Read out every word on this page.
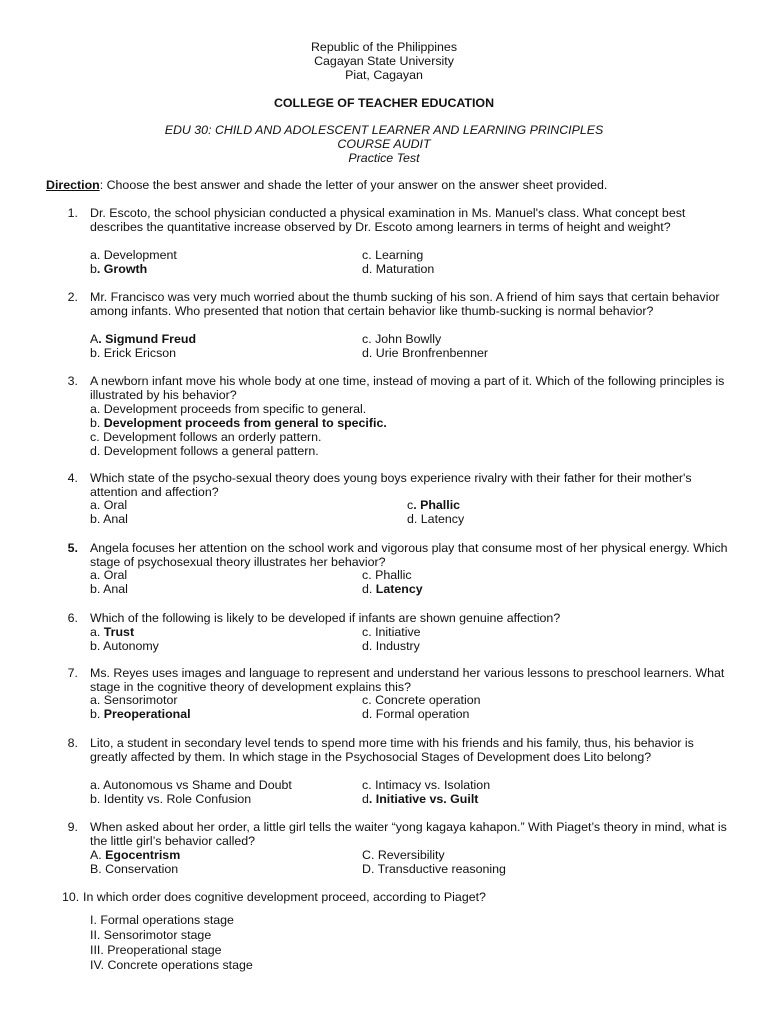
Republic of the Philippines
Cagayan State University
Piat, Cagayan
COLLEGE OF TEACHER EDUCATION
EDU 30: CHILD AND ADOLESCENT LEARNER AND LEARNING PRINCIPLES
COURSE AUDIT
Practice Test
Direction: Choose the best answer and shade the letter of your answer on the answer sheet provided.
1. Dr. Escoto, the school physician conducted a physical examination in Ms. Manuel's class. What concept best describes the quantitative increase observed by Dr. Escoto among learners in terms of height and weight?
a. Development
b. Growth
c. Learning
d. Maturation
2. Mr. Francisco was very much worried about the thumb sucking of his son. A friend of him says that certain behavior among infants. Who presented that notion that certain behavior like thumb-sucking is normal behavior?
A. Sigmund Freud
b. Erick Ericson
c. John Bowlly
d. Urie Bronfrenbenner
3. A newborn infant move his whole body at one time, instead of moving a part of it. Which of the following principles is illustrated by his behavior?
a. Development proceeds from specific to general.
b. Development proceeds from general to specific.
c. Development follows an orderly pattern.
d. Development follows a general pattern.
4. Which state of the psycho-sexual theory does young boys experience rivalry with their father for their mother's attention and affection?
a. Oral
b. Anal
c. Phallic
d. Latency
5. Angela focuses her attention on the school work and vigorous play that consume most of her physical energy. Which stage of psychosexual theory illustrates her behavior?
a. Oral
b. Anal
c. Phallic
d. Latency
6. Which of the following is likely to be developed if infants are shown genuine affection?
a. Trust
b. Autonomy
c. Initiative
d. Industry
7. Ms. Reyes uses images and language to represent and understand her various lessons to preschool learners. What stage in the cognitive theory of development explains this?
a. Sensorimotor
b. Preoperational
c. Concrete operation
d. Formal operation
8. Lito, a student in secondary level tends to spend more time with his friends and his family, thus, his behavior is greatly affected by them. In which stage in the Psychosocial Stages of Development does Lito belong?
a. Autonomous vs Shame and Doubt
b. Identity vs. Role Confusion
c. Intimacy vs. Isolation
d. Initiative vs. Guilt
9. When asked about her order, a little girl tells the waiter “yong kagaya kahapon.” With Piaget’s theory in mind, what is the little girl’s behavior called?
A. Egocentrism
B. Conservation
C. Reversibility
D. Transductive reasoning
10. In which order does cognitive development proceed, according to Piaget?
I. Formal operations stage
II. Sensorimotor stage
III. Preoperational stage
IV. Concrete operations stage
